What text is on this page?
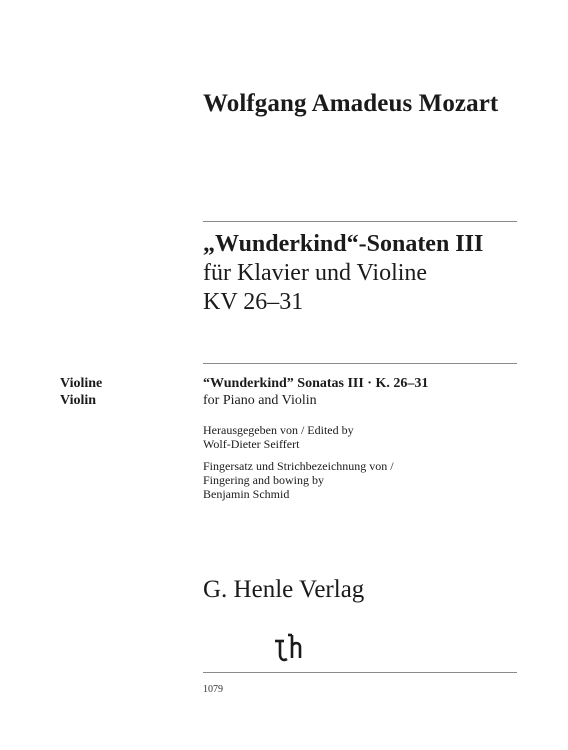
Wolfgang Amadeus Mozart
„Wunderkind“-Sonaten III
für Klavier und Violine
KV 26–31
Violine
Violin
“Wunderkind” Sonatas III · K. 26–31
for Piano and Violin
Herausgegeben von / Edited by
Wolf-Dieter Seiffert
Fingersatz und Strichbezeichnung von /
Fingering and bowing by
Benjamin Schmid
G. Henle Verlag
1079
